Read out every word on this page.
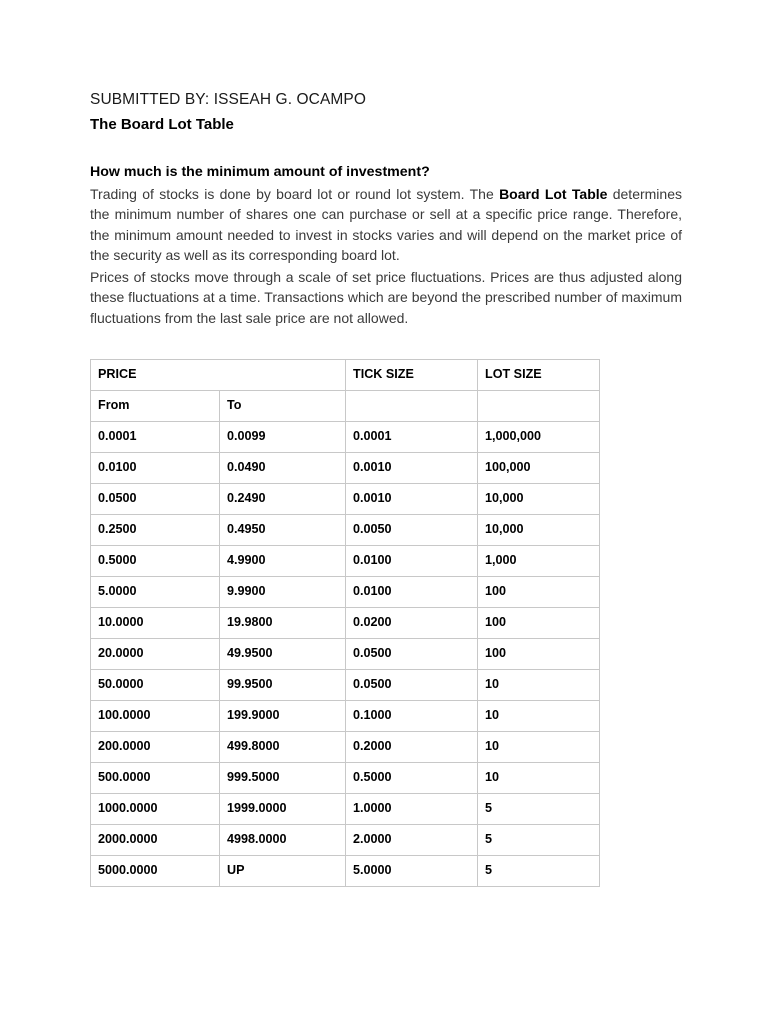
SUBMITTED BY: ISSEAH G. OCAMPO

The Board Lot Table
How much is the minimum amount of investment?

Trading of stocks is done by board lot or round lot system. The Board Lot Table determines the minimum number of shares one can purchase or sell at a specific price range. Therefore, the minimum amount needed to invest in stocks varies and will depend on the market price of the security as well as its corresponding board lot.

Prices of stocks move through a scale of set price fluctuations. Prices are thus adjusted along these fluctuations at a time. Transactions which are beyond the prescribed number of maximum fluctuations from the last sale price are not allowed.

PRICE		TICK SIZE	LOT SIZE
From	To		
0.0001	0.0099	0.0001	1,000,000
0.0100	0.0490	0.0010	100,000
0.0500	0.2490	0.0010	10,000
0.2500	0.4950	0.0050	10,000
0.5000	4.9900	0.0100	1,000
5.0000	9.9900	0.0100	100
10.0000	19.9800	0.0200	100
20.0000	49.9500	0.0500	100
50.0000	99.9500	0.0500	10
100.0000	199.9000	0.1000	10
200.0000	499.8000	0.2000	10
500.0000	999.5000	0.5000	10
1000.0000	1999.0000	1.0000	5
2000.0000	4998.0000	2.0000	5
5000.0000	UP	5.0000	5
